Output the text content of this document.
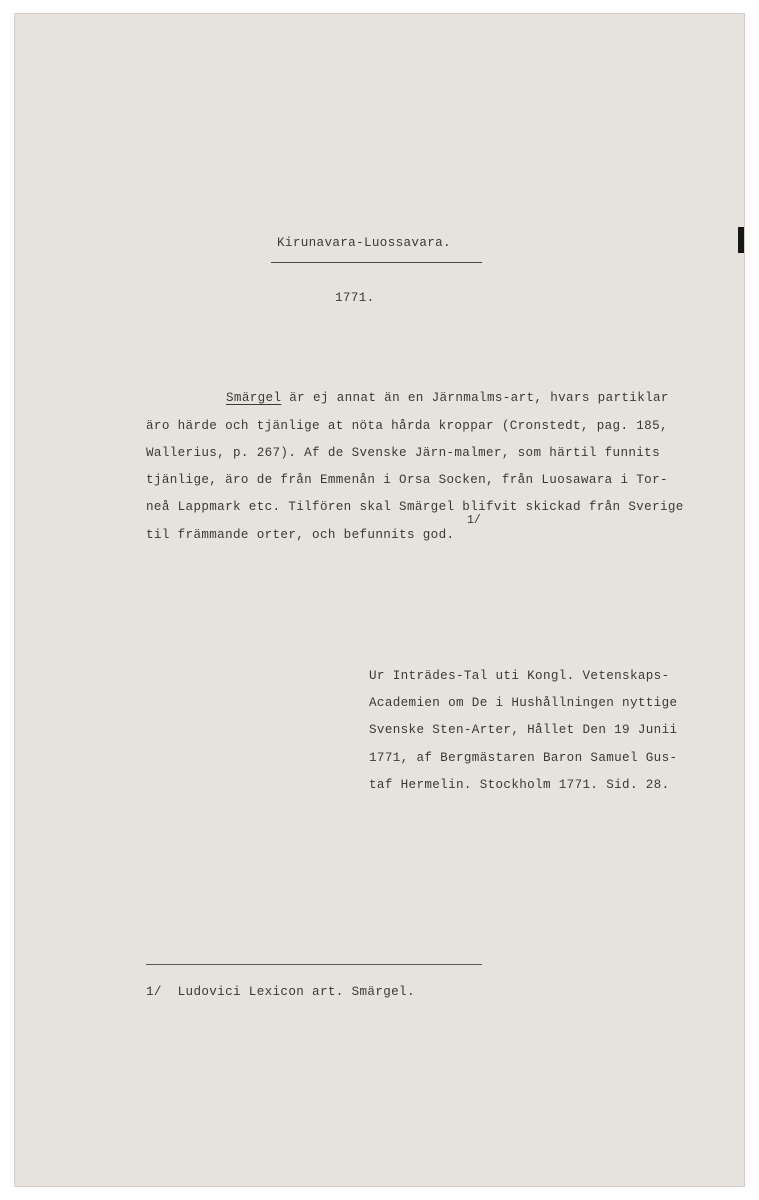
Kirunavara-Luossavara.
1771.
Smärgel är ej annat än en Järnmalms-art, hvars partiklar
äro härde och tjänlige at nöta hårda kroppar (Cronstedt, pag. 185,
Wallerius, p. 267). Af de Svenske Järn-malmer, som härtil funnits
tjänlige, äro de från Emmenån i Orsa Socken, från Luosawara i Tor-
neå Lappmark etc. Tilfören skal Smärgel blifvit skickad från Sverige
til främmande orter, och befunnits god.
1/
Ur Inträdes-Tal uti Kongl. Vetenskaps-
Academien om De i Hushållningen nyttige
Svenske Sten-Arter, Hållet Den 19 Junii
1771, af Bergmästaren Baron Samuel Gus-
taf Hermelin. Stockholm 1771. Sid. 28.
1/  Ludovici Lexicon art. Smärgel.
